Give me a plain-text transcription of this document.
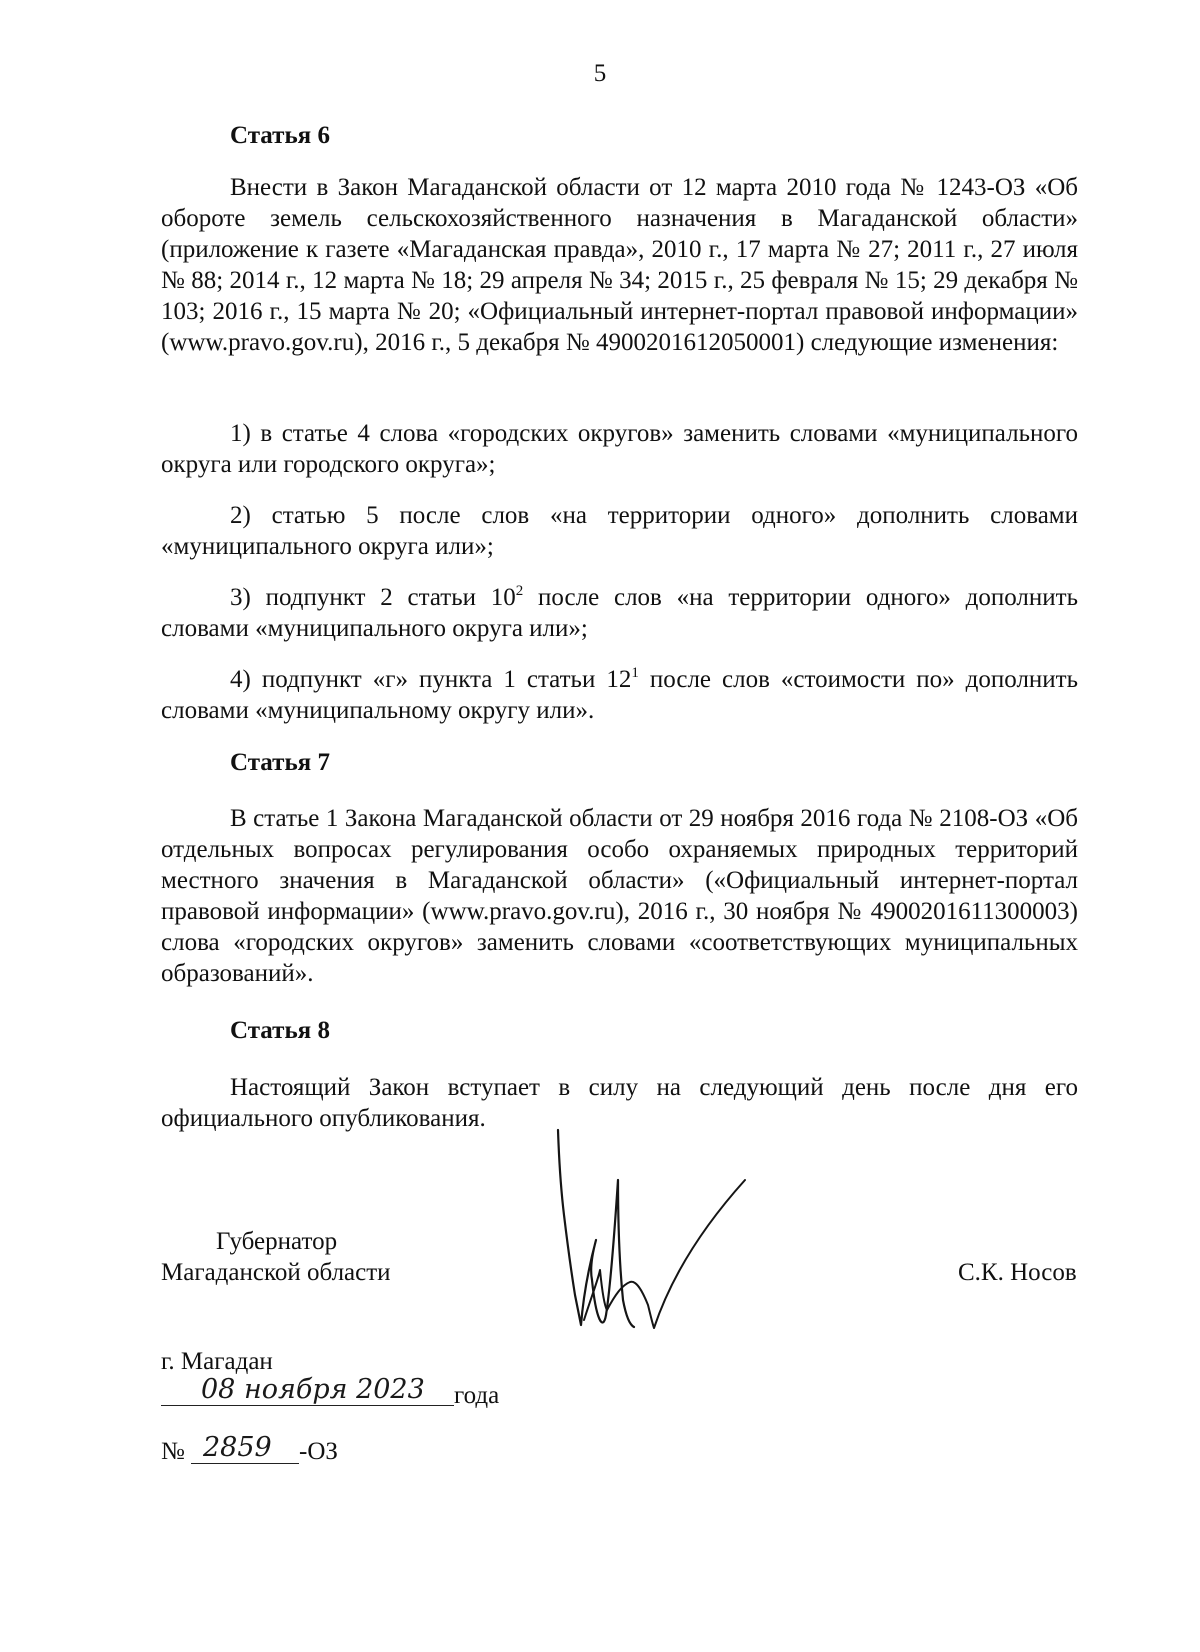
5
Статья 6

Внести в Закон Магаданской области от 12 марта 2010 года № 1243-ОЗ «Об обороте земель сельскохозяйственного назначения в Магаданской области» (приложение к газете «Магаданская правда», 2010 г., 17 марта № 27; 2011 г., 27 июля № 88; 2014 г., 12 марта № 18; 29 апреля № 34; 2015 г., 25 февраля № 15; 29 декабря № 103; 2016 г., 15 марта № 20; «Официальный интернет-портал правовой информации» (www.pravo.gov.ru), 2016 г., 5 декабря № 4900201612050001) следующие изменения:

1) в статье 4 слова «городских округов» заменить словами «муниципального округа или городского округа»;

2) статью 5 после слов «на территории одного» дополнить словами «муниципального округа или»;

3) подпункт 2 статьи $10^2$ после слов «на территории одного» дополнить словами «муниципального округа или»;

4) подпункт «г» пункта 1 статьи $12^1$ после слов «стоимости по» дополнить словами «муниципальному округу или».

Статья 7

В статье 1 Закона Магаданской области от 29 ноября 2016 года № 2108-ОЗ «Об отдельных вопросах регулирования особо охраняемых природных территорий местного значения в Магаданской области» («Официальный интернет-портал правовой информации» (www.pravo.gov.ru), 2016 г., 30 ноября № 4900201611300003) слова «городских округов» заменить словами «соответствующих муниципальных образований».

Статья 8

Настоящий Закон вступает в силу на следующий день после дня его официального опубликования.

Губернатор
Магаданской области	С.К. Носов
г. Магадан
08 ноября 2023 года
№ 2859 -ОЗ
